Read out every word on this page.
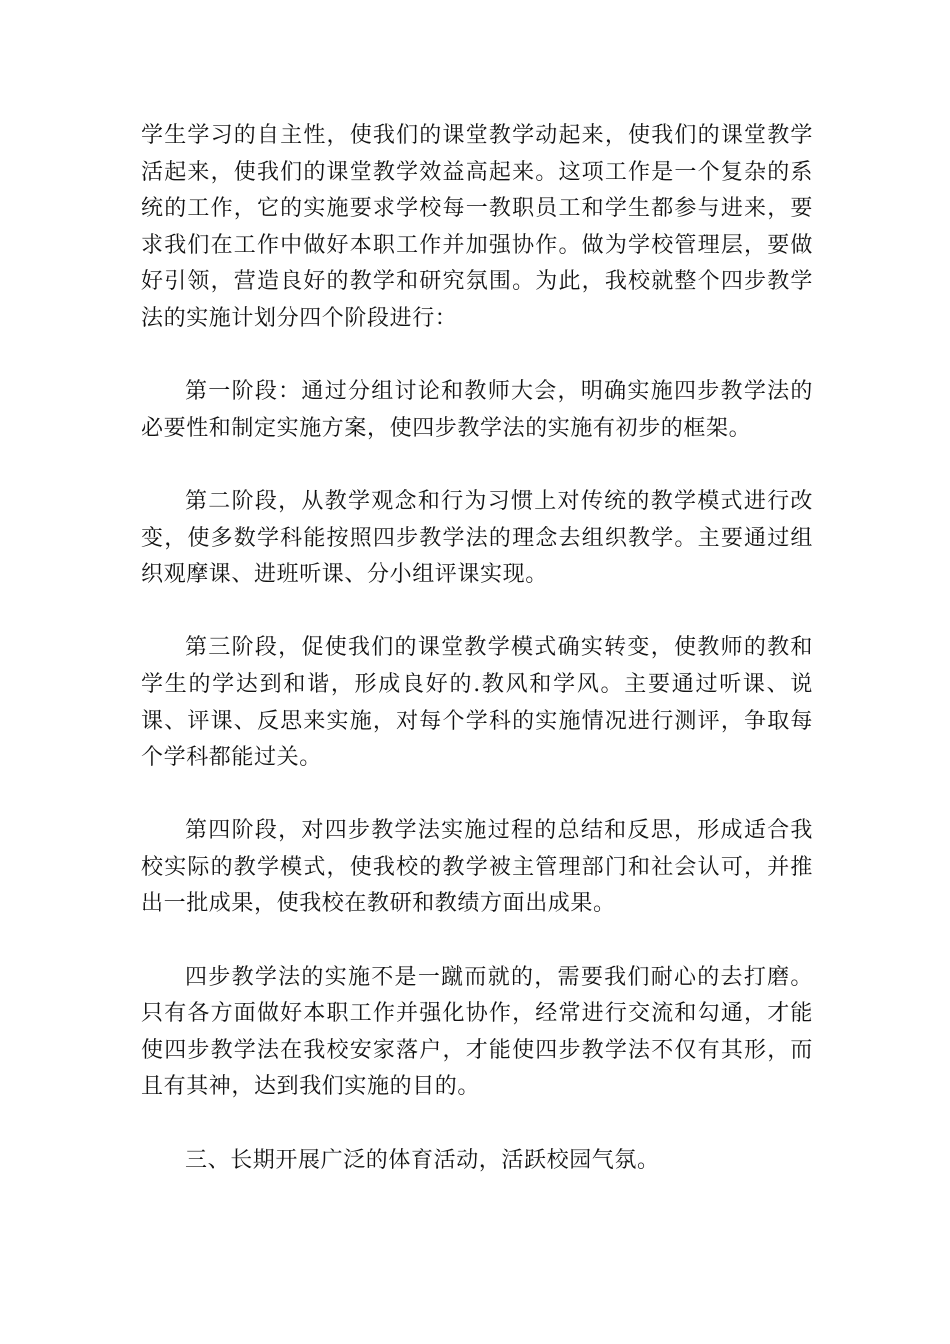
学生学习的自主性，使我们的课堂教学动起来，使我们的课堂教学活起来，使我们的课堂教学效益高起来。这项工作是一个复杂的系统的工作，它的实施要求学校每一教职员工和学生都参与进来，要求我们在工作中做好本职工作并加强协作。做为学校管理层，要做好引领，营造良好的教学和研究氛围。为此，我校就整个四步教学法的实施计划分四个阶段进行：

第一阶段：通过分组讨论和教师大会，明确实施四步教学法的必要性和制定实施方案，使四步教学法的实施有初步的框架。

第二阶段，从教学观念和行为习惯上对传统的教学模式进行改变，使多数学科能按照四步教学法的理念去组织教学。主要通过组织观摩课、进班听课、分小组评课实现。

第三阶段，促使我们的课堂教学模式确实转变，使教师的教和学生的学达到和谐，形成良好的.教风和学风。主要通过听课、说课、评课、反思来实施，对每个学科的实施情况进行测评，争取每个学科都能过关。

第四阶段，对四步教学法实施过程的总结和反思，形成适合我校实际的教学模式，使我校的教学被主管理部门和社会认可，并推出一批成果，使我校在教研和教绩方面出成果。

四步教学法的实施不是一蹴而就的，需要我们耐心的去打磨。只有各方面做好本职工作并强化协作，经常进行交流和勾通，才能使四步教学法在我校安家落户，才能使四步教学法不仅有其形，而且有其神，达到我们实施的目的。

三、长期开展广泛的体育活动，活跃校园气氛。
